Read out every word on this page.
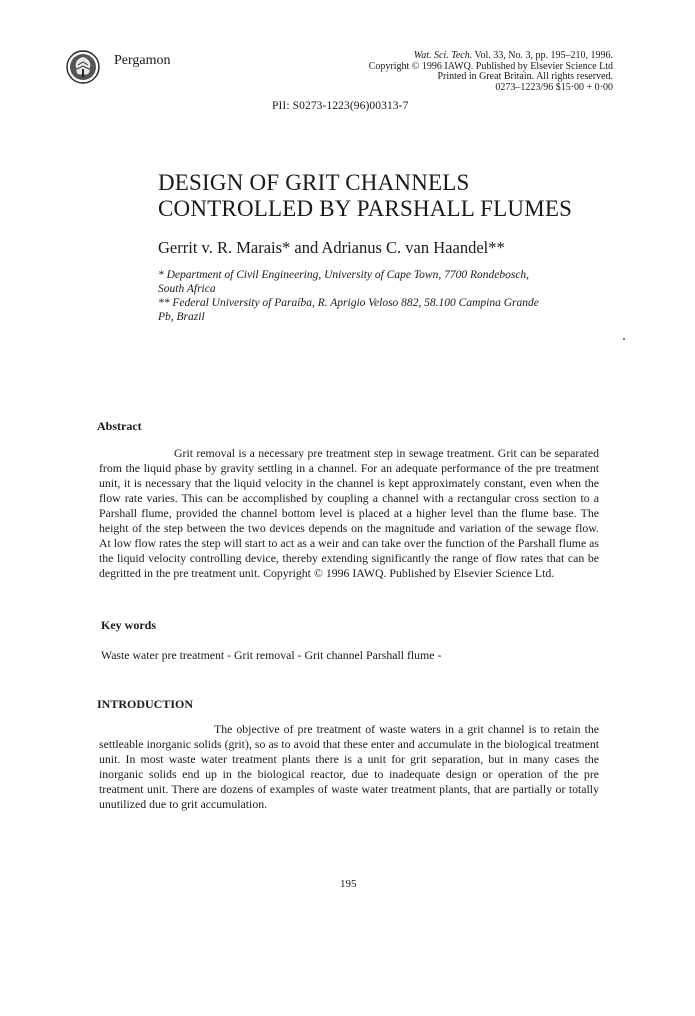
Pergamon	Wat. Sci. Tech. Vol. 33, No. 3, pp. 195–210, 1996.
Copyright © 1996 IAWQ. Published by Elsevier Science Ltd
Printed in Great Britain. All rights reserved.
0273–1223/96 $15·00 + 0·00
PII: S0273-1223(96)00313-7
DESIGN OF GRIT CHANNELS
CONTROLLED BY PARSHALL FLUMES
Gerrit v. R. Marais* and Adrianus C. van Haandel**
* Department of Civil Engineering, University of Cape Town, 7700 Rondebosch,
South Africa
** Federal University of Paraíba, R. Aprigio Veloso 882, 58.100 Campina Grande
Pb, Brazil
Abstract

Grit removal is a necessary pre treatment step in sewage treatment. Grit can be separated from the liquid phase by gravity settling in a channel. For an adequate performance of the pre treatment unit, it is necessary that the liquid velocity in the channel is kept approximately constant, even when the flow rate varies. This can be accomplished by coupling a channel with a rectangular cross section to a Parshall flume, provided the channel bottom level is placed at a higher level than the flume base. The height of the step between the two devices depends on the magnitude and variation of the sewage flow. At low flow rates the step will start to act as a weir and can take over the function of the Parshall flume as the liquid velocity controlling device, thereby extending significantly the range of flow rates that can be degritted in the pre treatment unit. Copyright © 1996 IAWQ. Published by Elsevier Science Ltd.

Key words
Waste water pre treatment - Grit removal - Grit channel Parshall flume -
INTRODUCTION

The objective of pre treatment of waste waters in a grit channel is to retain the settleable inorganic solids (grit), so as to avoid that these enter and accumulate in the biological treatment unit. In most waste water treatment plants there is a unit for grit separation, but in many cases the inorganic solids end up in the biological reactor, due to inadequate design or operation of the pre treatment unit. There are dozens of examples of waste water treatment plants, that are partially or totally unutilized due to grit accumulation.

195
